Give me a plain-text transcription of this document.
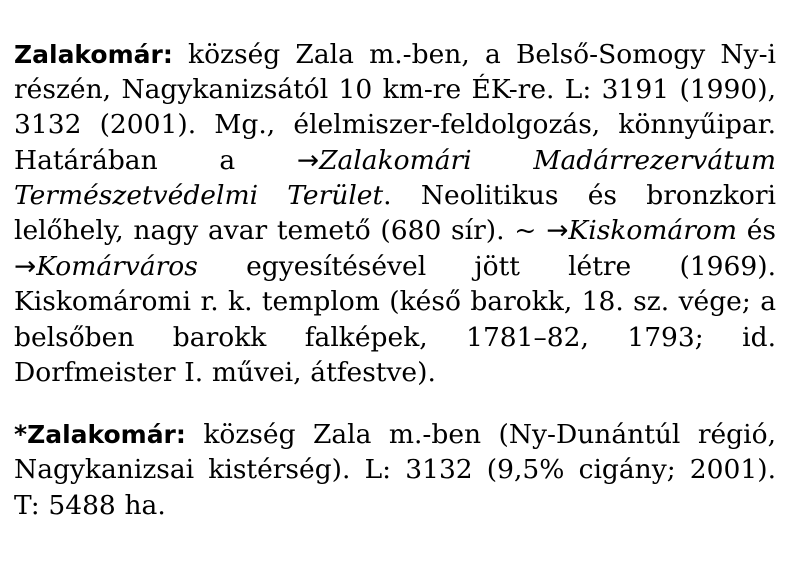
Zalakomár: község Zala m.-ben, a Belső-Somogy Ny-i részén, Nagykanizsától 10 km-re ÉK-re. L: 3191 (1990), 3132 (2001). Mg., élelmiszer-feldolgozás, könnyűipar. Határában a →Zalakomári Madárrezervátum Természetvédelmi Terület. Neolitikus és bronzkori lelőhely, nagy avar temető (680 sír). ~ →Kiskomárom és →Komárváros egyesítésével jött létre (1969). Kiskomáromi r. k. templom (késő barokk, 18. sz. vége; a belsőben barokk falképek, 1781–82, 1793; id. Dorfmeister I. művei, átfestve).

*Zalakomár: község Zala m.-ben (Ny-Dunántúl régió, Nagykanizsai kistérség). L: 3132 (9,5% cigány; 2001). T: 5488 ha.
